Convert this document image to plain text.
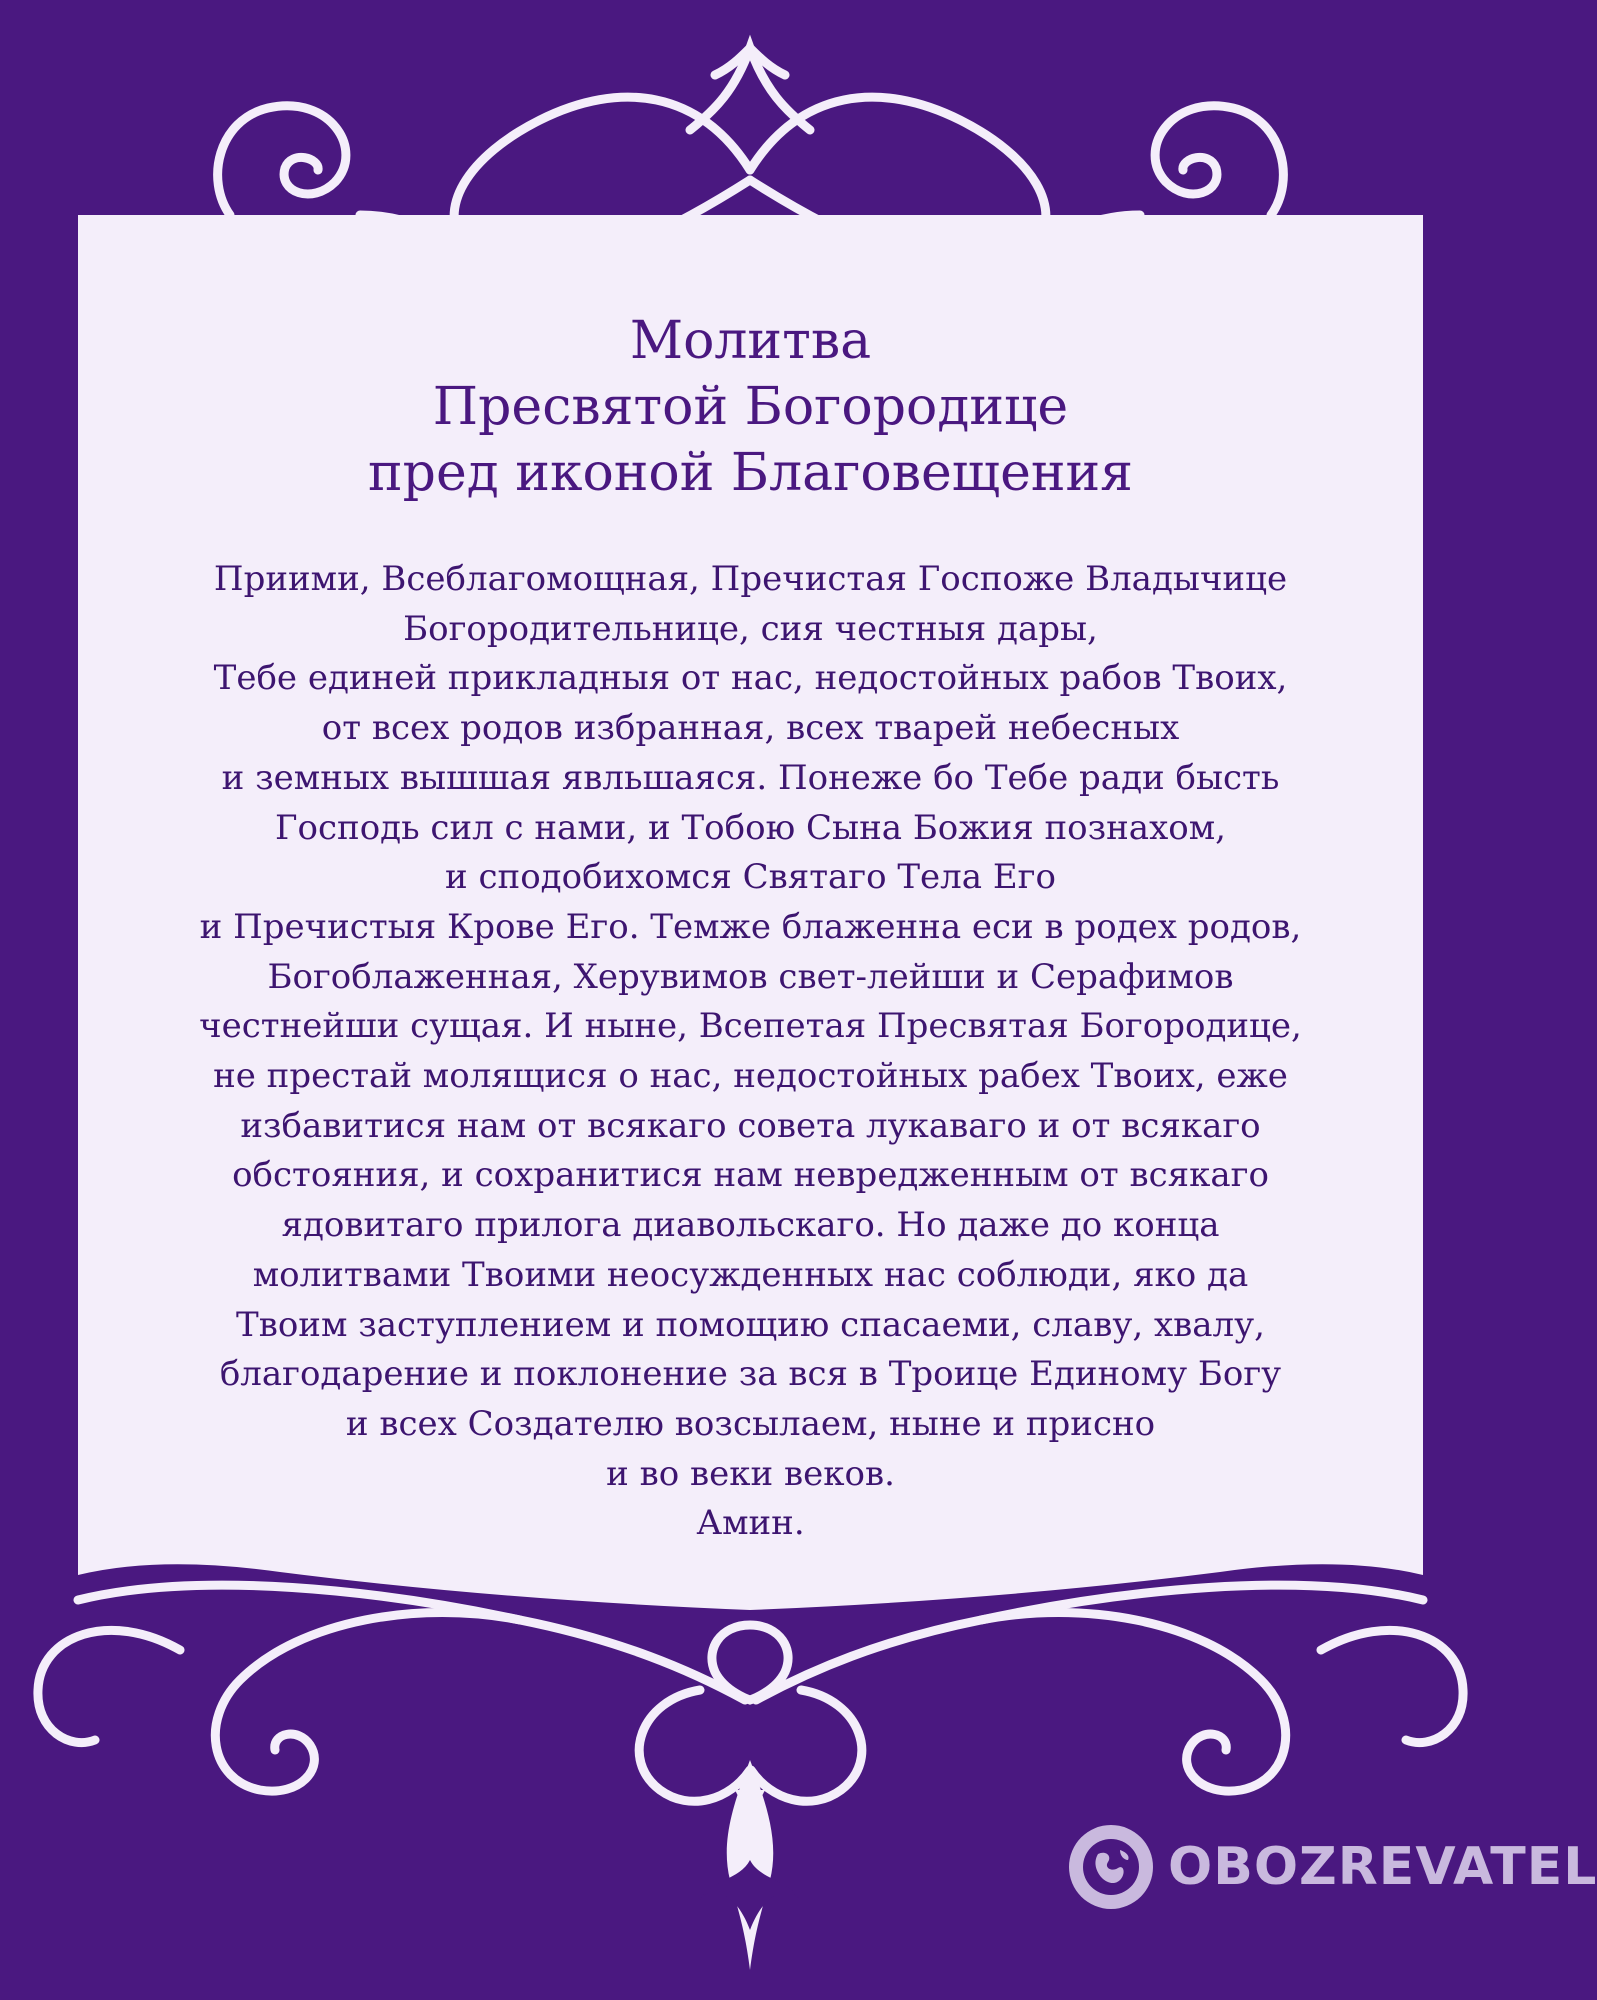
Молитва
Пресвятой Богородице
пред иконой Благовещения
Приими, Всеблагомощная, Пречистая Госпоже Владычице
Богородительнице, сия честныя дары,
Тебе единей прикладныя от нас, недостойных рабов Твоих,
от всех родов избранная, всех тварей небесных
и земных вышшая явльшаяся. Понеже бо Тебе ради бысть
Господь сил с нами, и Тобою Сына Божия познахом,
и сподобихомся Святаго Тела Его
и Пречистыя Крове Его. Темже блаженна еси в родех родов,
Богоблаженная, Херувимов свет-лейши и Серафимов
честнейши сущая. И ныне, Всепетая Пресвятая Богородице,
не престай молящися о нас, недостойных рабех Твоих, еже
избавитися нам от всякаго совета лукаваго и от всякаго
обстояния, и сохранитися нам невредженным от всякаго
ядовитаго прилога диавольскаго. Но даже до конца
молитвами Твоими неосужденных нас соблюди, яко да
Твоим заступлением и помощию спасаеми, славу, хвалу,
благодарение и поклонение за вся в Троице Единому Богу
и всех Создателю возсылаем, ныне и присно
и во веки веков.
Амин.
OBOZREVATEL
